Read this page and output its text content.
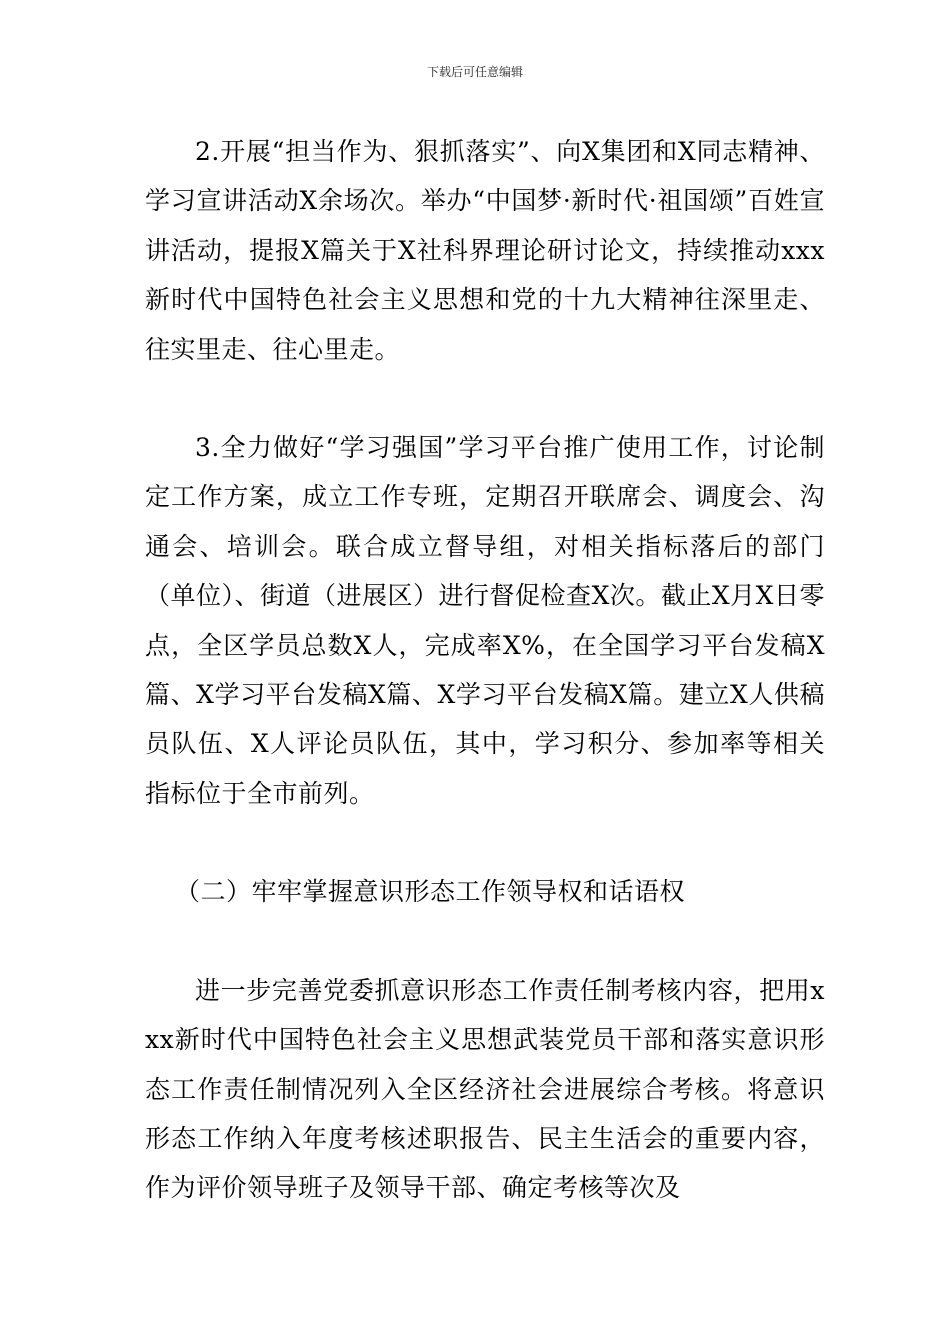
下载后可任意编辑

2.开展“担当作为、狠抓落实”、向X集团和X同志精神、学习宣讲活动X余场次。举办“中国梦·新时代·祖国颂”百姓宣讲活动，提报X篇关于X社科界理论研讨论文，持续推动xxx新时代中国特色社会主义思想和党的十九大精神往深里走、往实里走、往心里走。

3.全力做好“学习强国”学习平台推广使用工作，讨论制定工作方案，成立工作专班，定期召开联席会、调度会、沟通会、培训会。联合成立督导组，对相关指标落后的部门（单位）、街道（进展区）进行督促检查X次。截止X月X日零点，全区学员总数X人，完成率X%，在全国学习平台发稿X篇、X学习平台发稿X篇、X学习平台发稿X篇。建立X人供稿员队伍、X人评论员队伍，其中，学习积分、参加率等相关指标位于全市前列。

（二）牢牢掌握意识形态工作领导权和话语权

进一步完善党委抓意识形态工作责任制考核内容，把用xxx新时代中国特色社会主义思想武装党员干部和落实意识形态工作责任制情况列入全区经济社会进展综合考核。将意识形态工作纳入年度考核述职报告、民主生活会的重要内容，作为评价领导班子及领导干部、确定考核等次及
